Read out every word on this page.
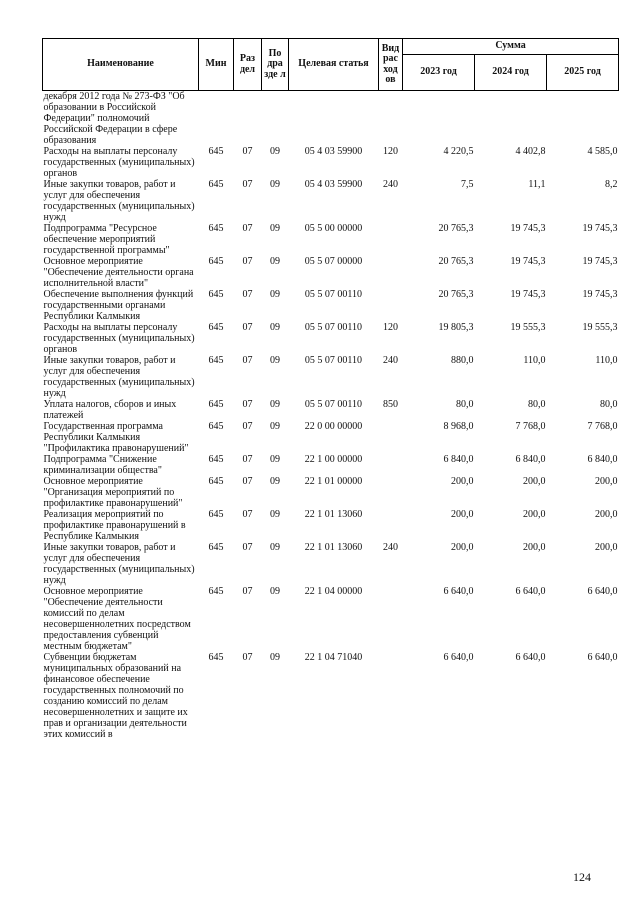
Наименование	Мин	Раз дел	По дра зде л	Целевая статья	Вид рас ход ов	Сумма		
						2023 год	2024 год	2025 год
декабря 2012 года № 273-ФЗ "Об образовании в Российской Федерации" полномочий Российской Федерации в сфере образования								
Расходы на выплаты персоналу государственных (муниципальных) органов	645	07	09	05 4 03 59900	120	4 220,5	4 402,8	4 585,0
Иные закупки товаров, работ и услуг для обеспечения государственных (муниципальных) нужд	645	07	09	05 4 03 59900	240	7,5	11,1	8,2
Подпрограмма "Ресурсное обеспечение мероприятий государственной программы"	645	07	09	05 5 00 00000		20 765,3	19 745,3	19 745,3
Основное мероприятие "Обеспечение деятельности органа исполнительной власти"	645	07	09	05 5 07 00000		20 765,3	19 745,3	19 745,3
Обеспечение выполнения функций государственными органами Республики Калмыкия	645	07	09	05 5 07 00110		20 765,3	19 745,3	19 745,3
Расходы на выплаты персоналу государственных (муниципальных) органов	645	07	09	05 5 07 00110	120	19 805,3	19 555,3	19 555,3
Иные закупки товаров, работ и услуг для обеспечения государственных (муниципальных) нужд	645	07	09	05 5 07 00110	240	880,0	110,0	110,0
Уплата налогов, сборов и иных платежей	645	07	09	05 5 07 00110	850	80,0	80,0	80,0
Государственная программа Республики Калмыкия "Профилактика правонарушений"	645	07	09	22 0 00 00000		8 968,0	7 768,0	7 768,0
Подпрограмма "Снижение криминализации общества"	645	07	09	22 1 00 00000		6 840,0	6 840,0	6 840,0
Основное мероприятие "Организация мероприятий по профилактике правонарушений"	645	07	09	22 1 01 00000		200,0	200,0	200,0
Реализация мероприятий по профилактике правонарушений в Республике Калмыкия	645	07	09	22 1 01 13060		200,0	200,0	200,0
Иные закупки товаров, работ и услуг для обеспечения государственных (муниципальных) нужд	645	07	09	22 1 01 13060	240	200,0	200,0	200,0
Основное мероприятие "Обеспечение деятельности комиссий по делам несовершеннолетних посредством предоставления субвенций местным бюджетам"	645	07	09	22 1 04 00000		6 640,0	6 640,0	6 640,0
Субвенции бюджетам муниципальных образований на финансовое обеспечение государственных полномочий по созданию комиссий по делам несовершеннолетних и защите их прав и организации деятельности этих комиссий в	645	07	09	22 1 04 71040		6 640,0	6 640,0	6 640,0
124
